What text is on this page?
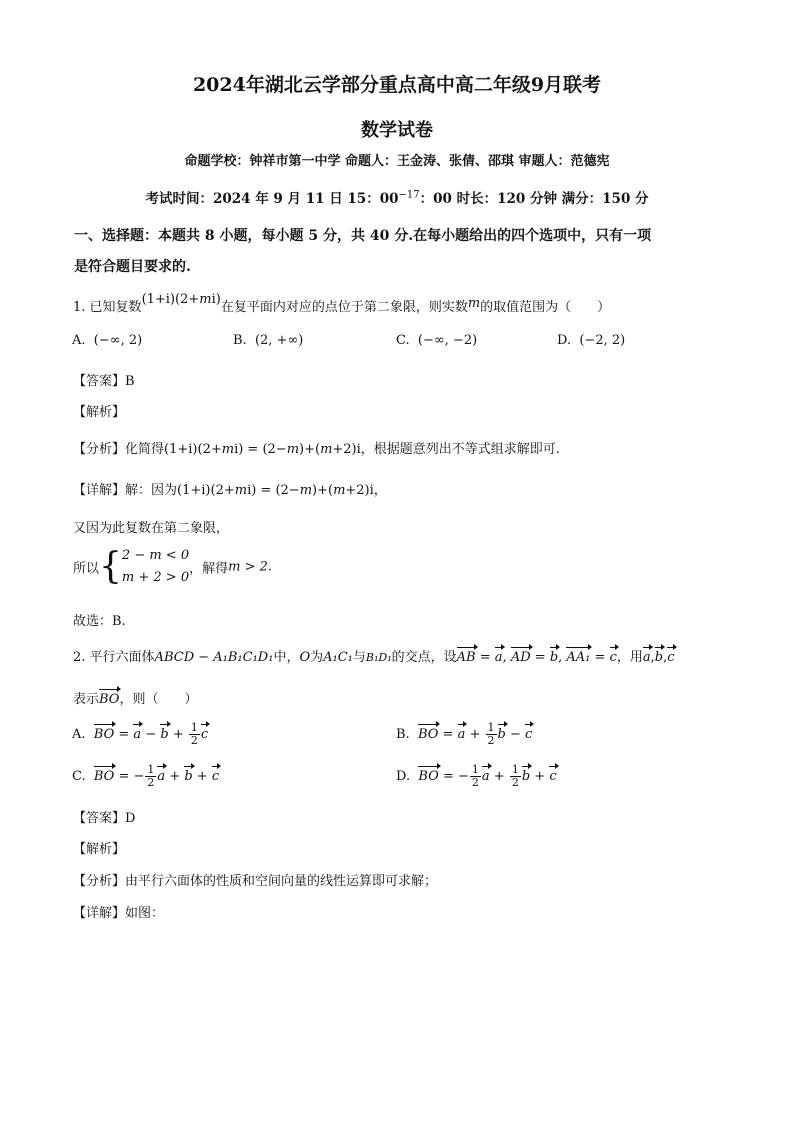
2024年湖北云学部分重点高中高二年级9月联考
数学试卷
命题学校：钟祥市第一中学 命题人：王金涛、张倩、邵琪 审题人：范德宪
考试时间：2024 年 9 月 11 日 15：$00^{-17}$：00 时长：120 分钟 满分：150 分
一、选择题：本题共 8 小题，每小题 5 分，共 40 分.在每小题给出的四个选项中，只有一项
是符合题目要求的.
1. 已知复数(1+i)(2+mi)在复平面内对应的点位于第二象限，则实数m的取值范围为（　　）
A. (−∞, 2)	B. (2, +∞)	C. (−∞, −2)	D. (−2, 2)
【答案】B
【解析】
【分析】化简得(1+i)(2+mi) = (2−m)+(m+2)i，根据题意列出不等式组求解即可.
【详解】解：因为(1+i)(2+mi) = (2−m)+(m+2)i，
又因为此复数在第二象限，
所以{ 2 − m < 0
m + 2 > 0
，解得m > 2.
故选：B.
2. 平行六面体ABCD − A₁B₁C₁D₁中，O为A₁C₁与B₁D₁的交点，设AB = a, AD = b, AA₁ = c，用a,b,c
表示BO，则（　　）
A. BO = $a - b + \frac{1}{2}$ c	B. BO = $a + \frac{1}{2}$ b − c
C. BO = − $\frac{1}{2}$ a + b + c	D. BO = − $\frac{1}{2}$ $a + \frac{1}{2}$ b + c
【答案】D
【解析】
【分析】由平行六面体的性质和空间向量的线性运算即可求解；
【详解】如图：
